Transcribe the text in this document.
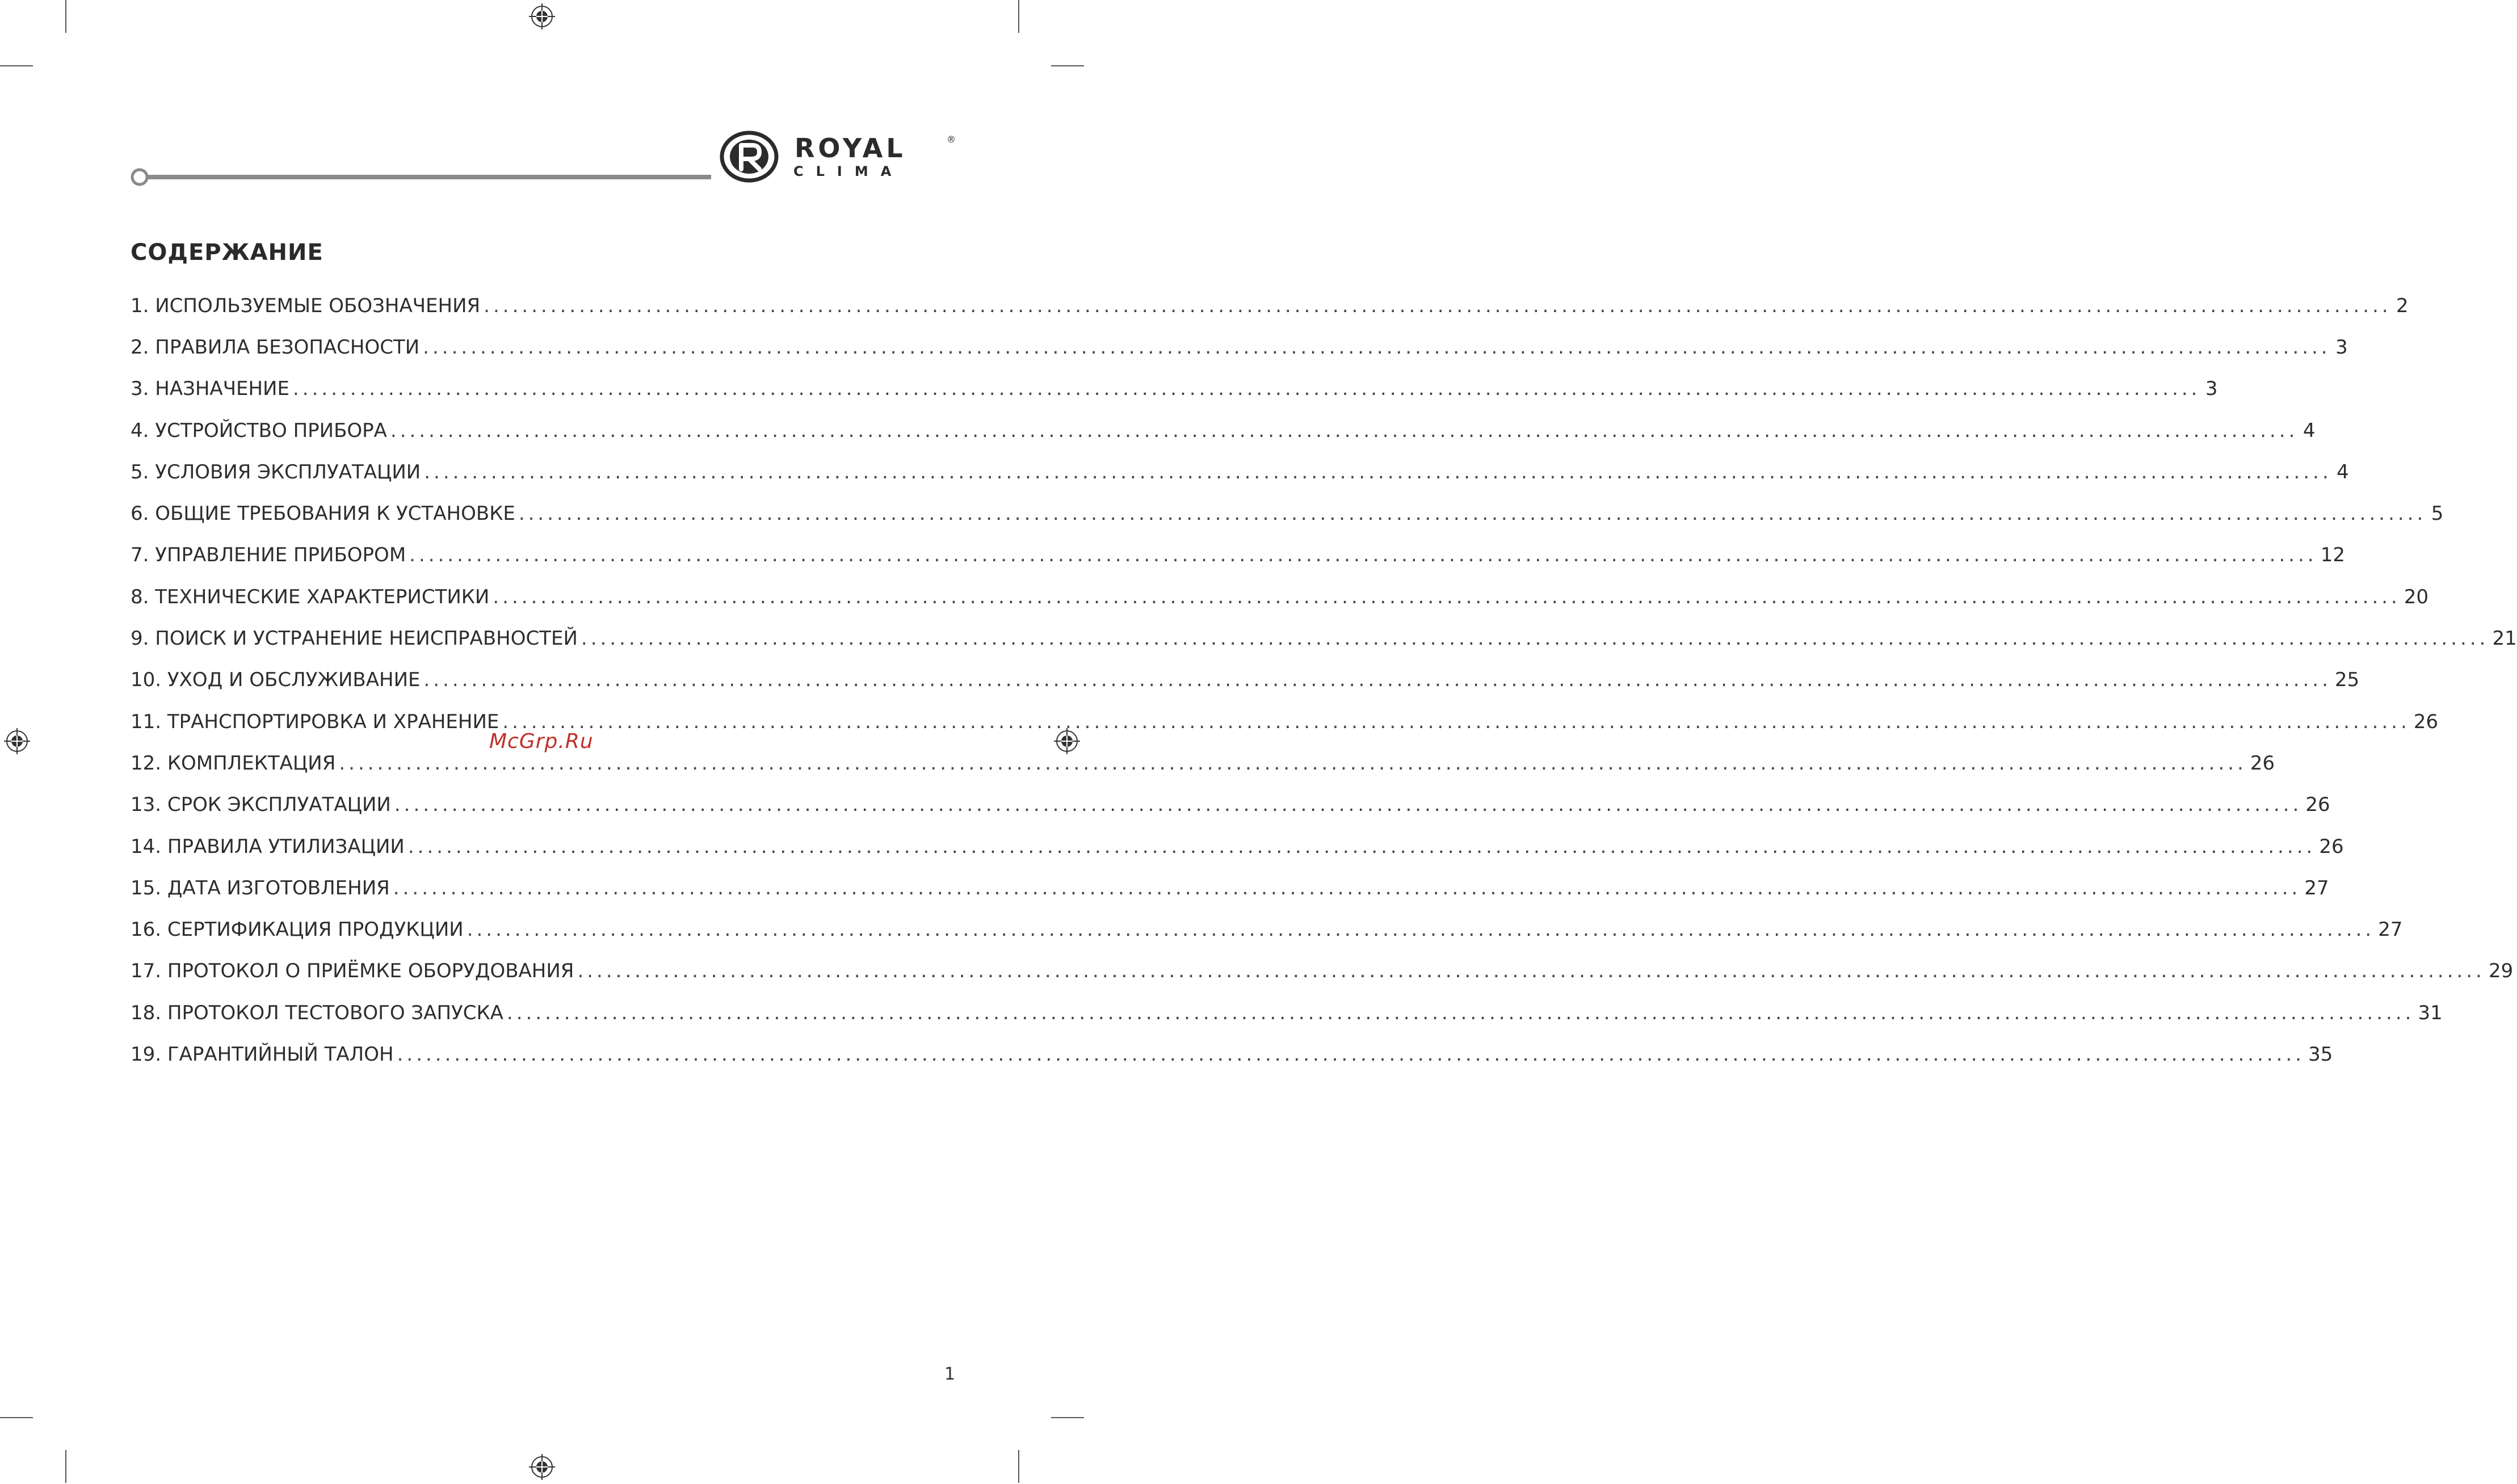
ROYAL	®
CLIMA
СОДЕРЖАНИЕ
1. ИСПОЛЬЗУЕМЫЕ ОБОЗНАЧЕНИЯ ........................................................................................................................................................................................................ 2
2. ПРАВИЛА БЕЗОПАСНОСТИ ........................................................................................................................................................................................................ 3
3. НАЗНАЧЕНИЕ ........................................................................................................................................................................................................ 3
4. УСТРОЙСТВО ПРИБОРА ........................................................................................................................................................................................................ 4
5. УСЛОВИЯ ЭКСПЛУАТАЦИИ ........................................................................................................................................................................................................ 4
6. ОБЩИЕ ТРЕБОВАНИЯ К УСТАНОВКЕ ........................................................................................................................................................................................................ 5
7. УПРАВЛЕНИЕ ПРИБОРОМ ........................................................................................................................................................................................................ 12
8. ТЕХНИЧЕСКИЕ ХАРАКТЕРИСТИКИ ........................................................................................................................................................................................................ 20
9. ПОИСК И УСТРАНЕНИЕ НЕИСПРАВНОСТЕЙ ........................................................................................................................................................................................................ 21
10. УХОД И ОБСЛУЖИВАНИЕ ........................................................................................................................................................................................................ 25
11. ТРАНСПОРТИРОВКА И ХРАНЕНИЕ ........................................................................................................................................................................................................ 26
12. КОМПЛЕКТАЦИЯ ........................................................................................................................................................................................................ 26
13. СРОК ЭКСПЛУАТАЦИИ ........................................................................................................................................................................................................ 26
14. ПРАВИЛА УТИЛИЗАЦИИ ........................................................................................................................................................................................................ 26
15. ДАТА ИЗГОТОВЛЕНИЯ ........................................................................................................................................................................................................ 27
16. СЕРТИФИКАЦИЯ ПРОДУКЦИИ ........................................................................................................................................................................................................ 27
17. ПРОТОКОЛ О ПРИЁМКЕ ОБОРУДОВАНИЯ ........................................................................................................................................................................................................ 29
18. ПРОТОКОЛ ТЕСТОВОГО ЗАПУСКА ........................................................................................................................................................................................................ 31
19. ГАРАНТИЙНЫЙ ТАЛОН ........................................................................................................................................................................................................ 35
McGrp.Ru
1
